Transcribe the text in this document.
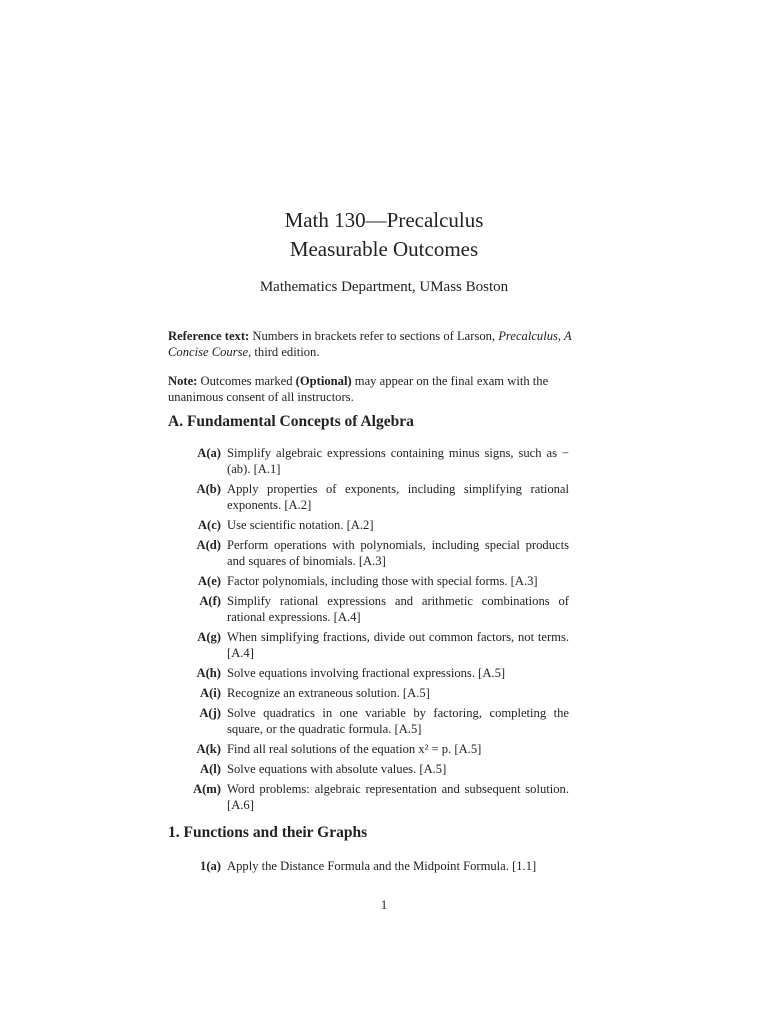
Math 130—Precalculus
Measurable Outcomes
Mathematics Department, UMass Boston
Reference text: Numbers in brackets refer to sections of Larson, Precalculus, A Concise Course, third edition.
Note: Outcomes marked (Optional) may appear on the final exam with the unanimous consent of all instructors.
A. Fundamental Concepts of Algebra
A(a) Simplify algebraic expressions containing minus signs, such as −(ab). [A.1]
A(b) Apply properties of exponents, including simplifying rational exponents. [A.2]
A(c) Use scientific notation. [A.2]
A(d) Perform operations with polynomials, including special products and squares of binomials. [A.3]
A(e) Factor polynomials, including those with special forms. [A.3]
A(f) Simplify rational expressions and arithmetic combinations of rational expressions. [A.4]
A(g) When simplifying fractions, divide out common factors, not terms. [A.4]
A(h) Solve equations involving fractional expressions. [A.5]
A(i) Recognize an extraneous solution. [A.5]
A(j) Solve quadratics in one variable by factoring, completing the square, or the quadratic formula. [A.5]
A(k) Find all real solutions of the equation x² = p. [A.5]
A(l) Solve equations with absolute values. [A.5]
A(m) Word problems: algebraic representation and subsequent solution. [A.6]
1. Functions and their Graphs
1(a) Apply the Distance Formula and the Midpoint Formula. [1.1]
1
